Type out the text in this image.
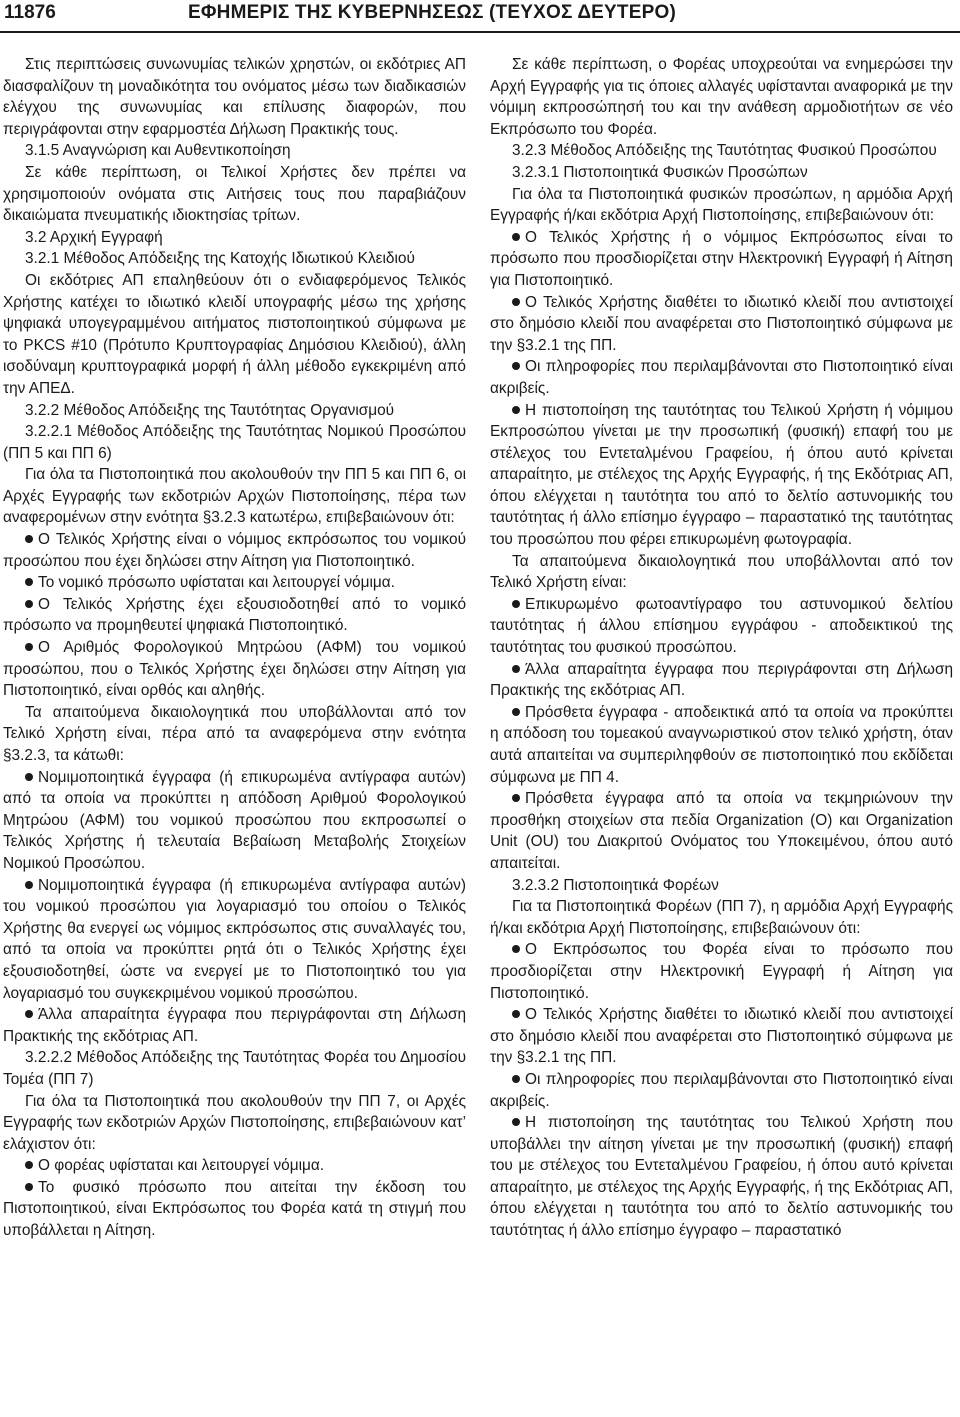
11876	ΕΦΗΜΕΡΙΣ ΤΗΣ ΚΥΒΕΡΝΗΣΕΩΣ (ΤΕΥΧΟΣ ΔΕΥΤΕΡΟ)

Στις περιπτώσεις συνωνυμίας τελικών χρηστών, οι εκδότριες ΑΠ διασφαλίζουν τη μοναδικότητα του ονόματος μέσω των διαδικασιών ελέγχου της συνωνυμίας και επίλυσης διαφορών, που περιγράφονται στην εφαρμοστέα Δήλωση Πρακτικής τους.

3.1.5 Αναγνώριση και Αυθεντικοποίηση

Σε κάθε περίπτωση, οι Τελικοί Χρήστες δεν πρέπει να χρησιμοποιούν ονόματα στις Αιτήσεις τους που παραβιάζουν δικαιώματα πνευματικής ιδιοκτησίας τρίτων.

3.2 Αρχική Εγγραφή

3.2.1 Μέθοδος Απόδειξης της Κατοχής Ιδιωτικού Κλειδιού

Οι εκδότριες ΑΠ επαληθεύουν ότι ο ενδιαφερόμενος Τελικός Χρήστης κατέχει το ιδιωτικό κλειδί υπογραφής μέσω της χρήσης ψηφιακά υπογεγραμμένου αιτήματος πιστοποιητικού σύμφωνα με το PKCS #10 (Πρότυπο Κρυπτογραφίας Δημόσιου Κλειδιού), άλλη ισοδύναμη κρυπτογραφικά μορφή ή άλλη μέθοδο εγκεκριμένη από την ΑΠΕΔ.

3.2.2 Μέθοδος Απόδειξης της Ταυτότητας Οργανισμού

3.2.2.1 Μέθοδος Απόδειξης της Ταυτότητας Νομικού Προσώπου (ΠΠ 5 και ΠΠ 6)

Για όλα τα Πιστοποιητικά που ακολουθούν την ΠΠ 5 και ΠΠ 6, οι Αρχές Εγγραφής των εκδοτριών Αρχών Πιστοποίησης, πέρα των αναφερομένων στην ενότητα §3.2.3 κατωτέρω, επιβεβαιώνουν ότι:

Ο Τελικός Χρήστης είναι ο νόμιμος εκπρόσωπος του νομικού προσώπου που έχει δηλώσει στην Αίτηση για Πιστοποιητικό.

Το νομικό πρόσωπο υφίσταται και λειτουργεί νόμιμα.

Ο Τελικός Χρήστης έχει εξουσιοδοτηθεί από το νομικό πρόσωπο να προμηθευτεί ψηφιακά Πιστοποιητικό.

Ο Αριθμός Φορολογικού Μητρώου (ΑΦΜ) του νομικού προσώπου, που ο Τελικός Χρήστης έχει δηλώσει στην Αίτηση για Πιστοποιητικό, είναι ορθός και αληθής.

Τα απαιτούμενα δικαιολογητικά που υποβάλλονται από τον Τελικό Χρήστη είναι, πέρα από τα αναφερόμενα στην ενότητα §3.2.3, τα κάτωθι:

Νομιμοποιητικά έγγραφα (ή επικυρωμένα αντίγραφα αυτών) από τα οποία να προκύπτει η απόδοση Αριθμού Φορολογικού Μητρώου (ΑΦΜ) του νομικού προσώπου που εκπροσωπεί ο Τελικός Χρήστης ή τελευταία Βεβαίωση Μεταβολής Στοιχείων Νομικού Προσώπου.

Νομιμοποιητικά έγγραφα (ή επικυρωμένα αντίγραφα αυτών) του νομικού προσώπου για λογαριασμό του οποίου ο Τελικός Χρήστης θα ενεργεί ως νόμιμος εκπρόσωπος στις συναλλαγές του, από τα οποία να προκύπτει ρητά ότι ο Τελικός Χρήστης έχει εξουσιοδοτηθεί, ώστε να ενεργεί με το Πιστοποιητικό του για λογαριασμό του συγκεκριμένου νομικού προσώπου.

Άλλα απαραίτητα έγγραφα που περιγράφονται στη Δήλωση Πρακτικής της εκδότριας ΑΠ.

3.2.2.2 Μέθοδος Απόδειξης της Ταυτότητας Φορέα του Δημοσίου Τομέα (ΠΠ 7)

Για όλα τα Πιστοποιητικά που ακολουθούν την ΠΠ 7, οι Αρχές Εγγραφής των εκδοτριών Αρχών Πιστοποίησης, επιβεβαιώνουν κατ’ ελάχιστον ότι:

Ο φορέας υφίσταται και λειτουργεί νόμιμα.

Το φυσικό πρόσωπο που αιτείται την έκδοση του Πιστοποιητικού, είναι Εκπρόσωπος του Φορέα κατά τη στιγμή που υποβάλλεται η Αίτηση.

Σε κάθε περίπτωση, ο Φορέας υποχρεούται να ενημερώσει την Αρχή Εγγραφής για τις όποιες αλλαγές υφίστανται αναφορικά με την νόμιμη εκπροσώπησή του και την ανάθεση αρμοδιοτήτων σε νέο Εκπρόσωπο του Φορέα.

3.2.3 Μέθοδος Απόδειξης της Ταυτότητας Φυσικού Προσώπου

3.2.3.1 Πιστοποιητικά Φυσικών Προσώπων

Για όλα τα Πιστοποιητικά φυσικών προσώπων, η αρμόδια Αρχή Εγγραφής ή/και εκδότρια Αρχή Πιστοποίησης, επιβεβαιώνουν ότι:

Ο Τελικός Χρήστης ή ο νόμιμος Εκπρόσωπος είναι το πρόσωπο που προσδιορίζεται στην Ηλεκτρονική Εγγραφή ή Αίτηση για Πιστοποιητικό.

Ο Τελικός Χρήστης διαθέτει το ιδιωτικό κλειδί που αντιστοιχεί στο δημόσιο κλειδί που αναφέρεται στο Πιστοποιητικό σύμφωνα με την §3.2.1 της ΠΠ.

Οι πληροφορίες που περιλαμβάνονται στο Πιστοποιητικό είναι ακριβείς.

Η πιστοποίηση της ταυτότητας του Τελικού Χρήστη ή νόμιμου Εκπροσώπου γίνεται με την προσωπική (φυσική) επαφή του με στέλεχος του Εντεταλμένου Γραφείου, ή όπου αυτό κρίνεται απαραίτητο, με στέλεχος της Αρχής Εγγραφής, ή της Εκδότριας ΑΠ, όπου ελέγχεται η ταυτότητα του από το δελτίο αστυνομικής του ταυτότητας ή άλλο επίσημο έγγραφο – παραστατικό της ταυτότητας του προσώπου που φέρει επικυρωμένη φωτογραφία.

Τα απαιτούμενα δικαιολογητικά που υποβάλλονται από τον Τελικό Χρήστη είναι:

Επικυρωμένο φωτοαντίγραφο του αστυνομικού δελτίου ταυτότητας ή άλλου επίσημου εγγράφου - αποδεικτικού της ταυτότητας του φυσικού προσώπου.

Άλλα απαραίτητα έγγραφα που περιγράφονται στη Δήλωση Πρακτικής της εκδότριας ΑΠ.

Πρόσθετα έγγραφα - αποδεικτικά από τα οποία να προκύπτει η απόδοση του τομεακού αναγνωριστικού στον τελικό χρήστη, όταν αυτά απαιτείται να συμπεριληφθούν σε πιστοποιητικό που εκδίδεται σύμφωνα με ΠΠ 4.

Πρόσθετα έγγραφα από τα οποία να τεκμηριώνουν την προσθήκη στοιχείων στα πεδία Organization (O) και Organization Unit (OU) του Διακριτού Ονόματος του Υποκειμένου, όπου αυτό απαιτείται.

3.2.3.2 Πιστοποιητικά Φορέων

Για τα Πιστοποιητικά Φορέων (ΠΠ 7), η αρμόδια Αρχή Εγγραφής ή/και εκδότρια Αρχή Πιστοποίησης, επιβεβαιώνουν ότι:

Ο Εκπρόσωπος του Φορέα είναι το πρόσωπο που προσδιορίζεται στην Ηλεκτρονική Εγγραφή ή Αίτηση για Πιστοποιητικό.

Ο Τελικός Χρήστης διαθέτει το ιδιωτικό κλειδί που αντιστοιχεί στο δημόσιο κλειδί που αναφέρεται στο Πιστοποιητικό σύμφωνα με την §3.2.1 της ΠΠ.

Οι πληροφορίες που περιλαμβάνονται στο Πιστοποιητικό είναι ακριβείς.

Η πιστοποίηση της ταυτότητας του Τελικού Χρήστη που υποβάλλει την αίτηση γίνεται με την προσωπική (φυσική) επαφή του με στέλεχος του Εντεταλμένου Γραφείου, ή όπου αυτό κρίνεται απαραίτητο, με στέλεχος της Αρχής Εγγραφής, ή της Εκδότριας ΑΠ, όπου ελέγχεται η ταυτότητα του από το δελτίο αστυνομικής του ταυτότητας ή άλλο επίσημο έγγραφο – παραστατικό
